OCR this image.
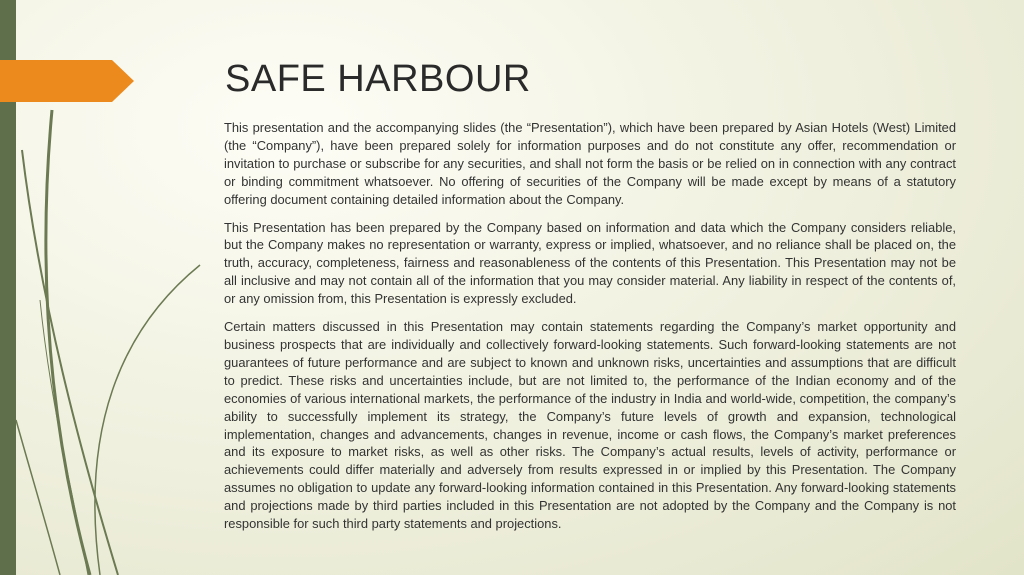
SAFE HARBOUR

This presentation and the accompanying slides (the “Presentation”), which have been prepared by Asian Hotels (West) Limited (the “Company”), have been prepared solely for information purposes and do not constitute any offer, recommendation or invitation to purchase or subscribe for any securities, and shall not form the basis or be relied on in connection with any contract or binding commitment whatsoever. No offering of securities of the Company will be made except by means of a statutory offering document containing detailed information about the Company.

This Presentation has been prepared by the Company based on information and data which the Company considers reliable, but the Company makes no representation or warranty, express or implied, whatsoever, and no reliance shall be placed on, the truth, accuracy, completeness, fairness and reasonableness of the contents of this Presentation. This Presentation may not be all inclusive and may not contain all of the information that you may consider material. Any liability in respect of the contents of, or any omission from, this Presentation is expressly excluded.

Certain matters discussed in this Presentation may contain statements regarding the Company’s market opportunity and business prospects that are individually and collectively forward-looking statements. Such forward-looking statements are not guarantees of future performance and are subject to known and unknown risks, uncertainties and assumptions that are difficult to predict. These risks and uncertainties include, but are not limited to, the performance of the Indian economy and of the economies of various international markets, the performance of the industry in India and world-wide, competition, the company’s ability to successfully implement its strategy, the Company’s future levels of growth and expansion, technological implementation, changes and advancements, changes in revenue, income or cash flows, the Company’s market preferences and its exposure to market risks, as well as other risks. The Company’s actual results, levels of activity, performance or achievements could differ materially and adversely from results expressed in or implied by this Presentation. The Company assumes no obligation to update any forward-looking information contained in this Presentation. Any forward-looking statements and projections made by third parties included in this Presentation are not adopted by the Company and the Company is not responsible for such third party statements and projections.
